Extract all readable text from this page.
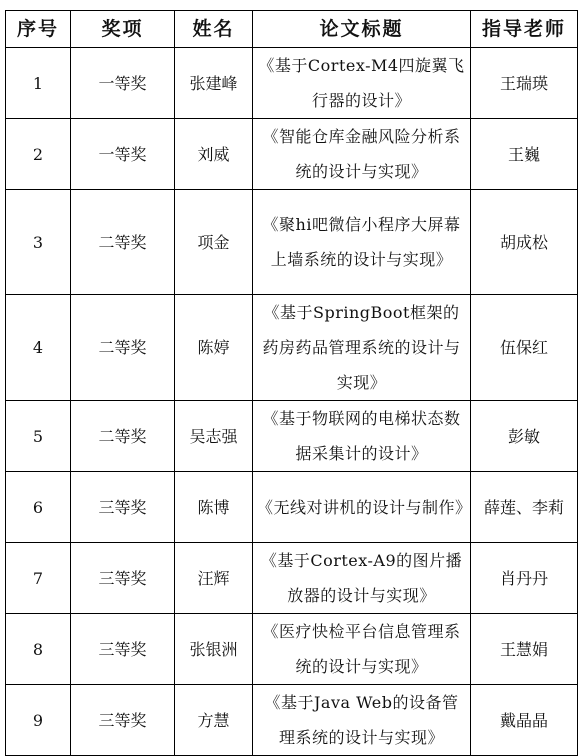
序号	奖项	姓名	论文标题	指导老师
1	一等奖	张建峰	《基于Cortex-M4四旋翼飞行器的设计》	王瑞瑛
2	一等奖	刘威	《智能仓库金融风险分析系统的设计与实现》	王巍
3	二等奖	项金	《聚hi吧微信小程序大屏幕上墙系统的设计与实现》	胡成松
4	二等奖	陈婷	《基于SpringBoot框架的药房药品管理系统的设计与实现》	伍保红
5	二等奖	吴志强	《基于物联网的电梯状态数据采集计的设计》	彭敏
6	三等奖	陈博	《无线对讲机的设计与制作》	薛莲、李莉
7	三等奖	汪辉	《基于Cortex-A9的图片播放器的设计与实现》	肖丹丹
8	三等奖	张银洲	《医疗快检平台信息管理系统的设计与实现》	王慧娟
9	三等奖	方慧	《基于Java Web的设备管理系统的设计与实现》	戴晶晶
